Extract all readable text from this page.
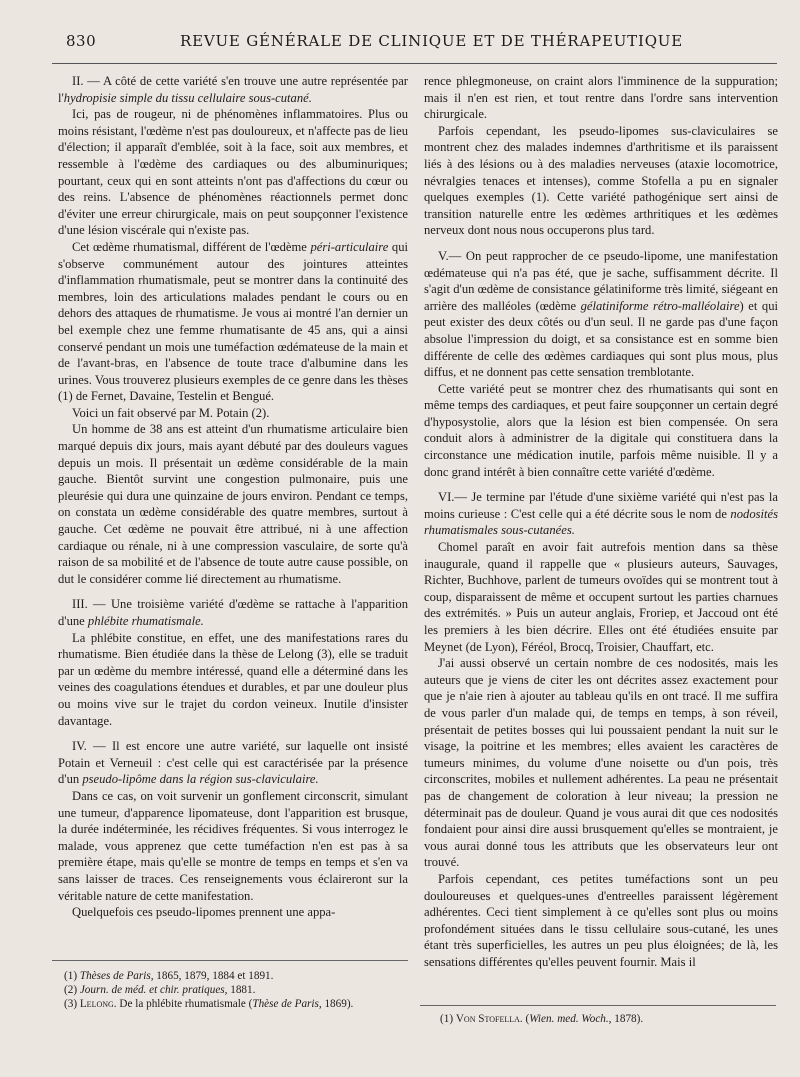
830	REVUE GÉNÉRALE DE CLINIQUE ET DE THÉRAPEUTIQUE

II. — A côté de cette variété s'en trouve une autre représentée par l'hydropisie simple du tissu cellulaire sous-cutané.

Ici, pas de rougeur, ni de phénomènes inflammatoires. Plus ou moins résistant, l'œdème n'est pas douloureux, et n'affecte pas de lieu d'élection; il apparaît d'emblée, soit à la face, soit aux membres, et ressemble à l'œdème des cardiaques ou des albuminuriques; pourtant, ceux qui en sont atteints n'ont pas d'affections du cœur ou des reins. L'absence de phénomènes réactionnels permet donc d'éviter une erreur chirurgicale, mais on peut soupçonner l'existence d'une lésion viscérale qui n'existe pas.

Cet œdème rhumatismal, différent de l'œdème péri-articulaire qui s'observe communément autour des jointures atteintes d'inflammation rhumatismale, peut se montrer dans la continuité des membres, loin des articulations malades pendant le cours ou en dehors des attaques de rhumatisme. Je vous ai montré l'an dernier un bel exemple chez une femme rhumatisante de 45 ans, qui a ainsi conservé pendant un mois une tuméfaction œdémateuse de la main et de l'avant-bras, en l'absence de toute trace d'albumine dans les urines. Vous trouverez plusieurs exemples de ce genre dans les thèses (1) de Fernet, Davaine, Testelin et Bengué.

Voici un fait observé par M. Potain (2).

Un homme de 38 ans est atteint d'un rhumatisme articulaire bien marqué depuis dix jours, mais ayant débuté par des douleurs vagues depuis un mois. Il présentait un œdème considérable de la main gauche. Bientôt survint une congestion pulmonaire, puis une pleurésie qui dura une quinzaine de jours environ. Pendant ce temps, on constata un œdème considérable des quatre membres, surtout à gauche. Cet œdème ne pouvait être attribué, ni à une affection cardiaque ou rénale, ni à une compression vasculaire, de sorte qu'à raison de sa mobilité et de l'absence de toute autre cause possible, on dut le considérer comme lié directement au rhumatisme.

III. — Une troisième variété d'œdème se rattache à l'apparition d'une phlébite rhumatismale.

La phlébite constitue, en effet, une des manifestations rares du rhumatisme. Bien étudiée dans la thèse de Lelong (3), elle se traduit par un œdème du membre intéressé, quand elle a déterminé dans les veines des coagulations étendues et durables, et par une douleur plus ou moins vive sur le trajet du cordon veineux. Inutile d'insister davantage.

IV. — Il est encore une autre variété, sur laquelle ont insisté Potain et Verneuil : c'est celle qui est caractérisée par la présence d'un pseudo-lipôme dans la région sus-claviculaire.

Dans ce cas, on voit survenir un gonflement circonscrit, simulant une tumeur, d'apparence lipomateuse, dont l'apparition est brusque, la durée indéterminée, les récidives fréquentes. Si vous interrogez le malade, vous apprenez que cette tuméfaction n'en est pas à sa première étape, mais qu'elle se montre de temps en temps et s'en va sans laisser de traces. Ces renseignements vous éclaireront sur la véritable nature de cette manifestation.

Quelquefois ces pseudo-lipomes prennent une appa-

rence phlegmoneuse, on craint alors l'imminence de la suppuration; mais il n'en est rien, et tout rentre dans l'ordre sans intervention chirurgicale.

Parfois cependant, les pseudo-lipomes sus-claviculaires se montrent chez des malades indemnes d'arthritisme et ils paraissent liés à des lésions ou à des maladies nerveuses (ataxie locomotrice, névralgies tenaces et intenses), comme Stofella a pu en signaler quelques exemples (1). Cette variété pathogénique sert ainsi de transition naturelle entre les œdèmes arthritiques et les œdèmes nerveux dont nous nous occuperons plus tard.

V.— On peut rapprocher de ce pseudo-lipome, une manifestation œdémateuse qui n'a pas été, que je sache, suffisamment décrite. Il s'agit d'un œdème de consistance gélatiniforme très limité, siégeant en arrière des malléoles (œdème gélatiniforme rétro-malléolaire) et qui peut exister des deux côtés ou d'un seul. Il ne garde pas d'une façon absolue l'impression du doigt, et sa consistance est en somme bien différente de celle des œdèmes cardiaques qui sont plus mous, plus diffus, et ne donnent pas cette sensation tremblotante.

Cette variété peut se montrer chez des rhumatisants qui sont en même temps des cardiaques, et peut faire soupçonner un certain degré d'hyposystolie, alors que la lésion est bien compensée. On sera conduit alors à administrer de la digitale qui constituera dans la circonstance une médication inutile, parfois même nuisible. Il y a donc grand intérêt à bien connaître cette variété d'œdème.

VI.— Je termine par l'étude d'une sixième variété qui n'est pas la moins curieuse : C'est celle qui a été décrite sous le nom de nodosités rhumatismales sous-cutanées.

Chomel paraît en avoir fait autrefois mention dans sa thèse inaugurale, quand il rappelle que « plusieurs auteurs, Sauvages, Richter, Buchhove, parlent de tumeurs ovoïdes qui se montrent tout à coup, disparaissent de même et occupent surtout les parties charnues des extrémités. » Puis un auteur anglais, Froriep, et Jaccoud ont été les premiers à les bien décrire. Elles ont été étudiées ensuite par Meynet (de Lyon), Féréol, Brocq, Troisier, Chauffart, etc.

J'ai aussi observé un certain nombre de ces nodosités, mais les auteurs que je viens de citer les ont décrites assez exactement pour que je n'aie rien à ajouter au tableau qu'ils en ont tracé. Il me suffira de vous parler d'un malade qui, de temps en temps, à son réveil, présentait de petites bosses qui lui poussaient pendant la nuit sur le visage, la poitrine et les membres; elles avaient les caractères de tumeurs minimes, du volume d'une noisette ou d'un pois, très circonscrites, mobiles et nullement adhérentes. La peau ne présentait pas de changement de coloration à leur niveau; la pression ne déterminait pas de douleur. Quand je vous aurai dit que ces nodosités fondaient pour ainsi dire aussi brusquement qu'elles se montraient, je vous aurai donné tous les attributs que les observateurs leur ont trouvé.

Parfois cependant, ces petites tuméfactions sont un peu douloureuses et quelques-unes d'entreelles paraissent légèrement adhérentes. Ceci tient simplement à ce qu'elles sont plus ou moins profondément situées dans le tissu cellulaire sous-cutané, les unes étant très superficielles, les autres un peu plus éloignées; de là, les sensations différentes qu'elles peuvent fournir. Mais il

(1) Thèses de Paris, 1865, 1879, 1884 et 1891.
(2) Journ. de méd. et chir. pratiques, 1881.
(3) Lelong. De la phlébite rhumatismale (Thèse de Paris, 1869).
(1) Von Stofella. (Wien. med. Woch., 1878).
